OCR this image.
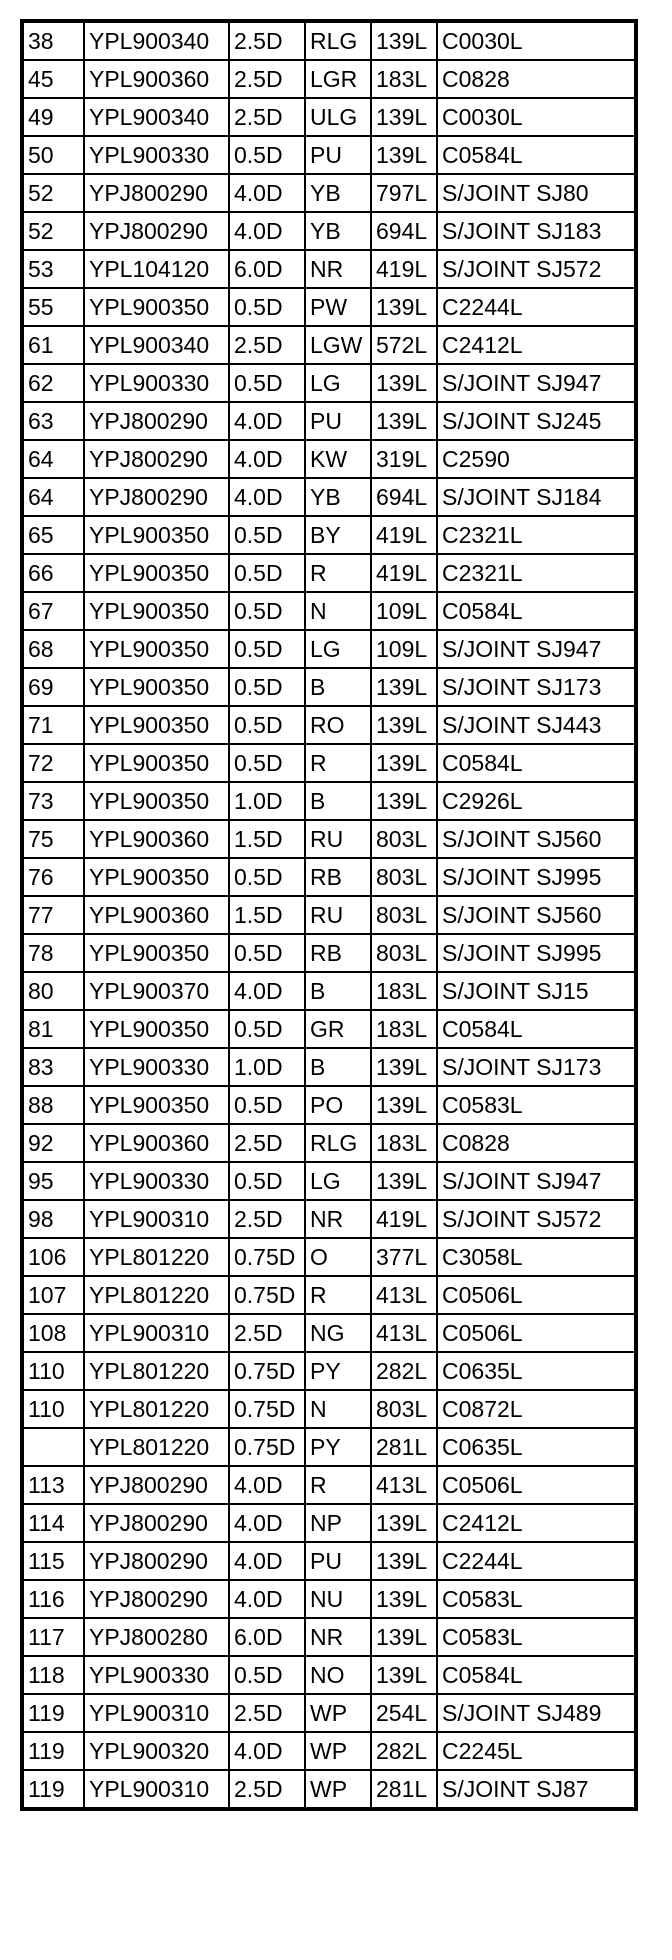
38	YPL900340	2.5D	RLG	139L	C0030L
45	YPL900360	2.5D	LGR	183L	C0828
49	YPL900340	2.5D	ULG	139L	C0030L
50	YPL900330	0.5D	PU	139L	C0584L
52	YPJ800290	4.0D	YB	797L	S/JOINT SJ80
52	YPJ800290	4.0D	YB	694L	S/JOINT SJ183
53	YPL104120	6.0D	NR	419L	S/JOINT SJ572
55	YPL900350	0.5D	PW	139L	C2244L
61	YPL900340	2.5D	LGW	572L	C2412L
62	YPL900330	0.5D	LG	139L	S/JOINT SJ947
63	YPJ800290	4.0D	PU	139L	S/JOINT SJ245
64	YPJ800290	4.0D	KW	319L	C2590
64	YPJ800290	4.0D	YB	694L	S/JOINT SJ184
65	YPL900350	0.5D	BY	419L	C2321L
66	YPL900350	0.5D	R	419L	C2321L
67	YPL900350	0.5D	N	109L	C0584L
68	YPL900350	0.5D	LG	109L	S/JOINT SJ947
69	YPL900350	0.5D	B	139L	S/JOINT SJ173
71	YPL900350	0.5D	RO	139L	S/JOINT SJ443
72	YPL900350	0.5D	R	139L	C0584L
73	YPL900350	1.0D	B	139L	C2926L
75	YPL900360	1.5D	RU	803L	S/JOINT SJ560
76	YPL900350	0.5D	RB	803L	S/JOINT SJ995
77	YPL900360	1.5D	RU	803L	S/JOINT SJ560
78	YPL900350	0.5D	RB	803L	S/JOINT SJ995
80	YPL900370	4.0D	B	183L	S/JOINT SJ15
81	YPL900350	0.5D	GR	183L	C0584L
83	YPL900330	1.0D	B	139L	S/JOINT SJ173
88	YPL900350	0.5D	PO	139L	C0583L
92	YPL900360	2.5D	RLG	183L	C0828
95	YPL900330	0.5D	LG	139L	S/JOINT SJ947
98	YPL900310	2.5D	NR	419L	S/JOINT SJ572
106	YPL801220	0.75D	O	377L	C3058L
107	YPL801220	0.75D	R	413L	C0506L
108	YPL900310	2.5D	NG	413L	C0506L
110	YPL801220	0.75D	PY	282L	C0635L
110	YPL801220	0.75D	N	803L	C0872L
	YPL801220	0.75D	PY	281L	C0635L
113	YPJ800290	4.0D	R	413L	C0506L
114	YPJ800290	4.0D	NP	139L	C2412L
115	YPJ800290	4.0D	PU	139L	C2244L
116	YPJ800290	4.0D	NU	139L	C0583L
117	YPJ800280	6.0D	NR	139L	C0583L
118	YPL900330	0.5D	NO	139L	C0584L
119	YPL900310	2.5D	WP	254L	S/JOINT SJ489
119	YPL900320	4.0D	WP	282L	C2245L
119	YPL900310	2.5D	WP	281L	S/JOINT SJ87
